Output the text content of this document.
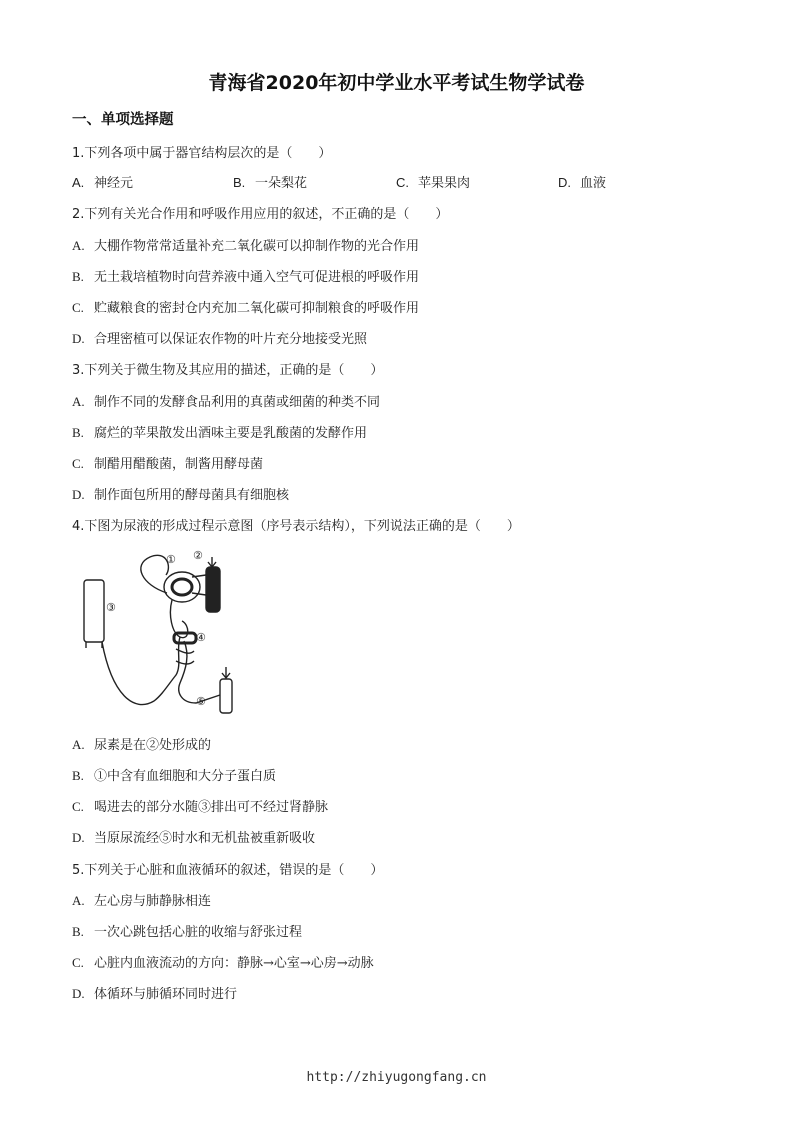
青海省2020年初中学业水平考试生物学试卷
一、单项选择题
1.下列各项中属于器官结构层次的是（　　）
A. 神经元	B. 一朵梨花	C. 苹果果肉	D. 血液
2.下列有关光合作用和呼吸作用应用的叙述，不正确的是（　　）
A. 大棚作物常常适量补充二氧化碳可以抑制作物的光合作用
B. 无土栽培植物时向营养液中通入空气可促进根的呼吸作用
C. 贮藏粮食的密封仓内充加二氧化碳可抑制粮食的呼吸作用
D. 合理密植可以保证农作物的叶片充分地接受光照
3.下列关于微生物及其应用的描述，正确的是（　　）
A. 制作不同的发酵食品利用的真菌或细菌的种类不同
B. 腐烂的苹果散发出酒味主要是乳酸菌的发酵作用
C. 制醋用醋酸菌，制酱用酵母菌
D. 制作面包所用的酵母菌具有细胞核
4.下图为尿液的形成过程示意图（序号表示结构），下列说法正确的是（　　）
① ②
③
④
⑤
A. 尿素是在②处形成的
B. ①中含有血细胞和大分子蛋白质
C. 喝进去的部分水随③排出可不经过肾静脉
D. 当原尿流经⑤时水和无机盐被重新吸收
5.下列关于心脏和血液循环的叙述，错误的是（　　）
A. 左心房与肺静脉相连
B. 一次心跳包括心脏的收缩与舒张过程
C. 心脏内血液流动的方向：静脉→心室→心房→动脉
D. 体循环与肺循环同时进行
http://zhiyugongfang.cn
